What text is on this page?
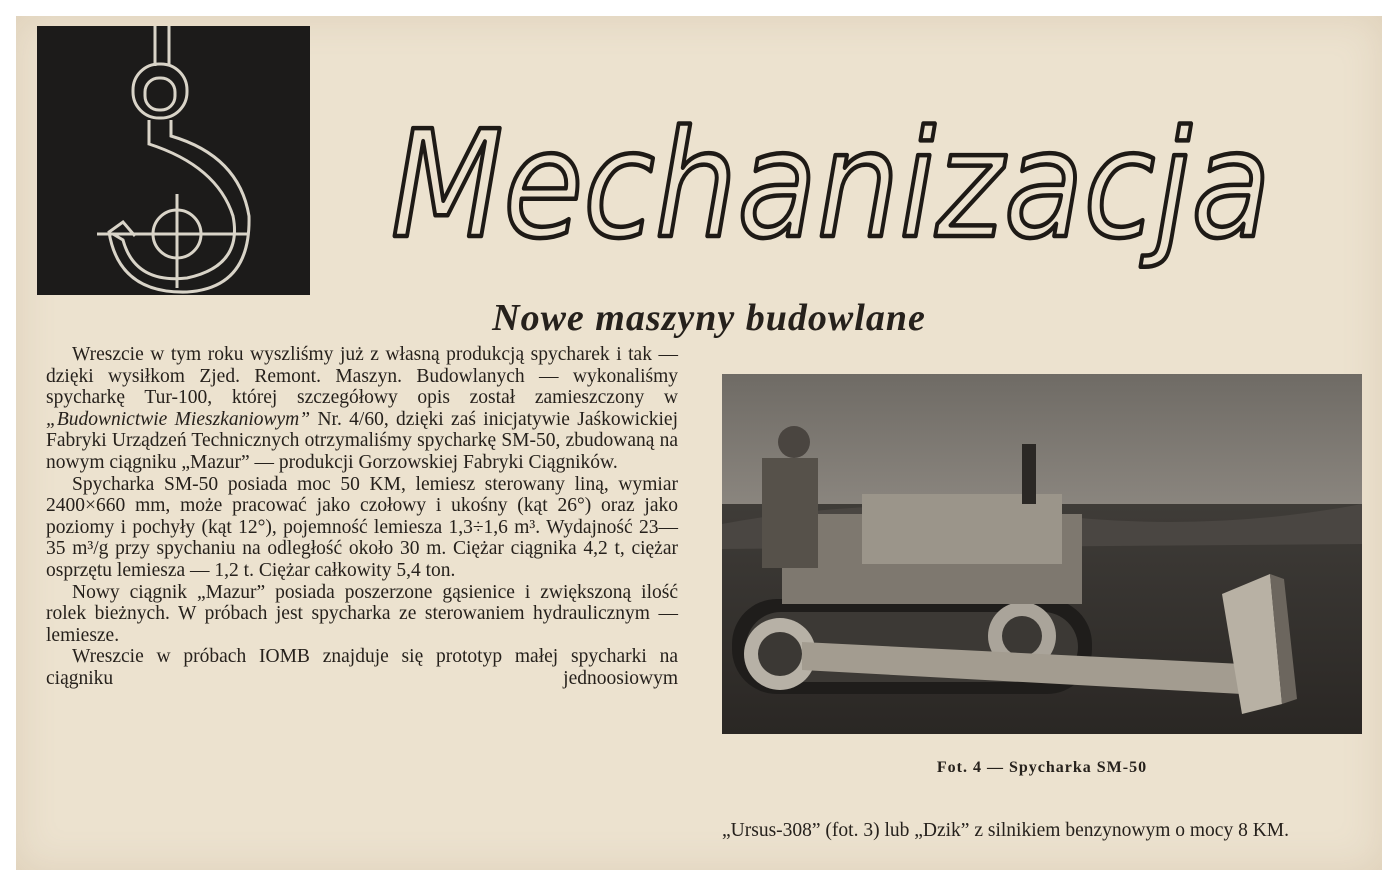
Mechanizacja
Nowe maszyny budowlane

Wreszcie w tym roku wyszliśmy już z własną produkcją spycharek i tak — dzięki wysiłkom Zjed. Remont. Maszyn. Budowlanych — wykonaliśmy spycharkę Tur-100, której szczegółowy opis został zamieszczony w „Budownictwie Mieszkaniowym” Nr. 4/60, dzięki zaś inicjatywie Jaśkowickiej Fabryki Urządzeń Technicznych otrzymaliśmy spycharkę SM-50, zbudowaną na nowym ciągniku „Mazur” — produkcji Gorzowskiej Fabryki Ciągników.

Spycharka SM-50 posiada moc 50 KM, lemiesz sterowany liną, wymiar 2400×660 mm, może pracować jako czołowy i ukośny (kąt 26°) oraz jako poziomy i pochyły (kąt 12°), pojemność lemiesza 1,3÷1,6 m³. Wydajność 23—35 m³/g przy spychaniu na odległość około 30 m. Ciężar ciągnika 4,2 t, ciężar osprzętu lemiesza — 1,2 t. Ciężar całkowity 5,4 ton.

Nowy ciągnik „Mazur” posiada poszerzone gąsienice i zwiększoną ilość rolek bieżnych. W próbach jest spycharka ze sterowaniem hydraulicznym — lemiesze.

Wreszcie w próbach IOMB znajduje się prototyp małej spycharki na ciągniku jednoosiowym

Fot. 4 — Spycharka SM-50

„Ursus-308” (fot. 3) lub „Dzik” z silnikiem benzynowym o mocy 8 KM.
